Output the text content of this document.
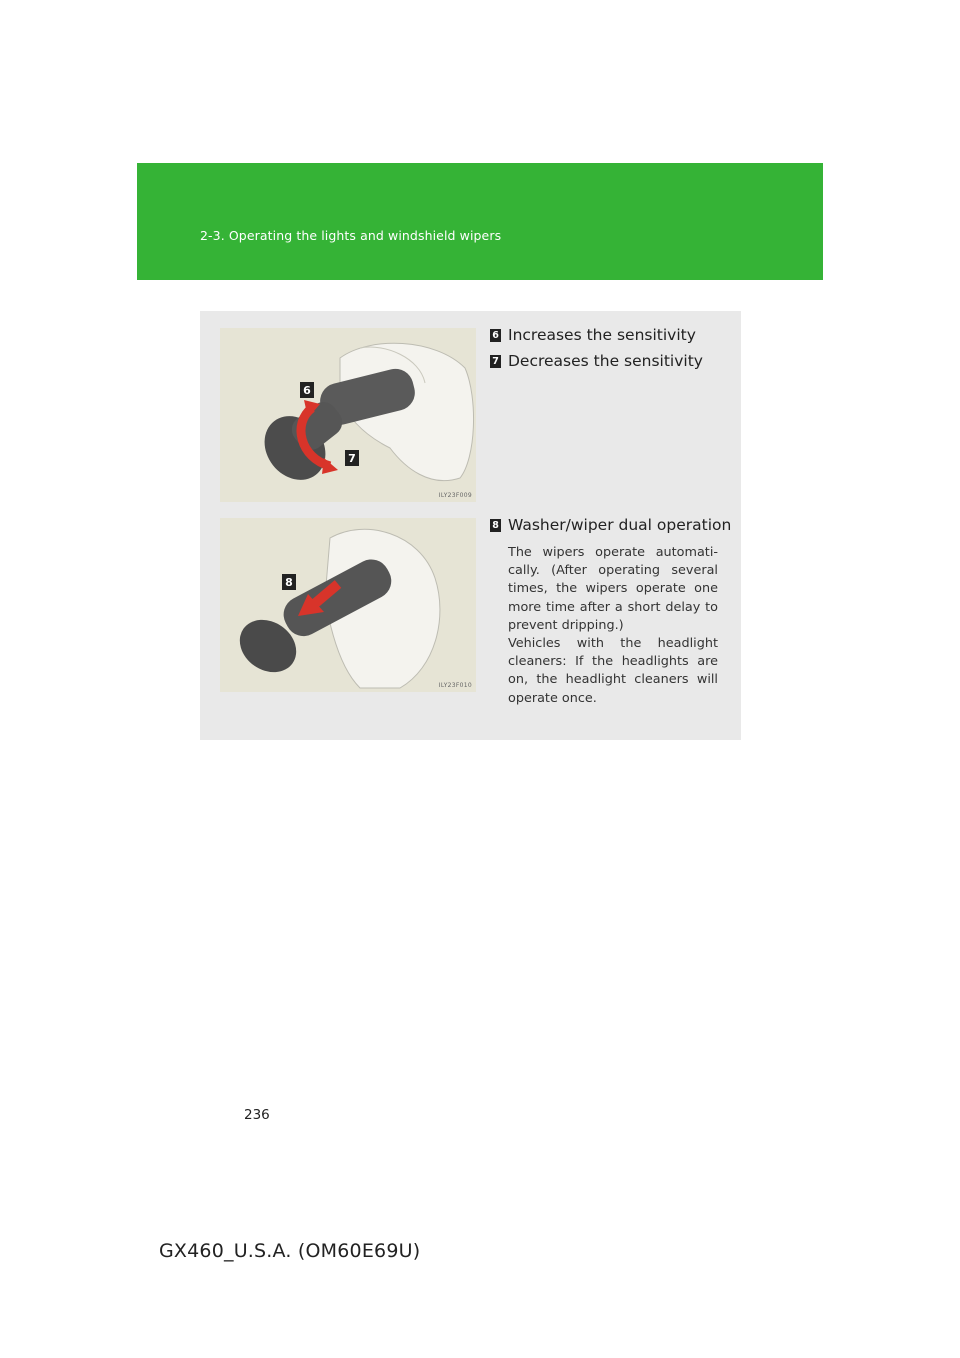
2-3. Operating the lights and windshield wipers
6
7
ILY23F009
8
ILY23F010
6 Increases the sensitivity
7 Decreases the sensitivity
8 Washer/wiper dual operation

The wipers operate automati-cally. (After operating several times, the wipers operate one more time after a short delay to prevent dripping.)

Vehicles with the headlight cleaners: If the headlights are on, the headlight cleaners will operate once.

236
GX460_U.S.A. (OM60E69U)
